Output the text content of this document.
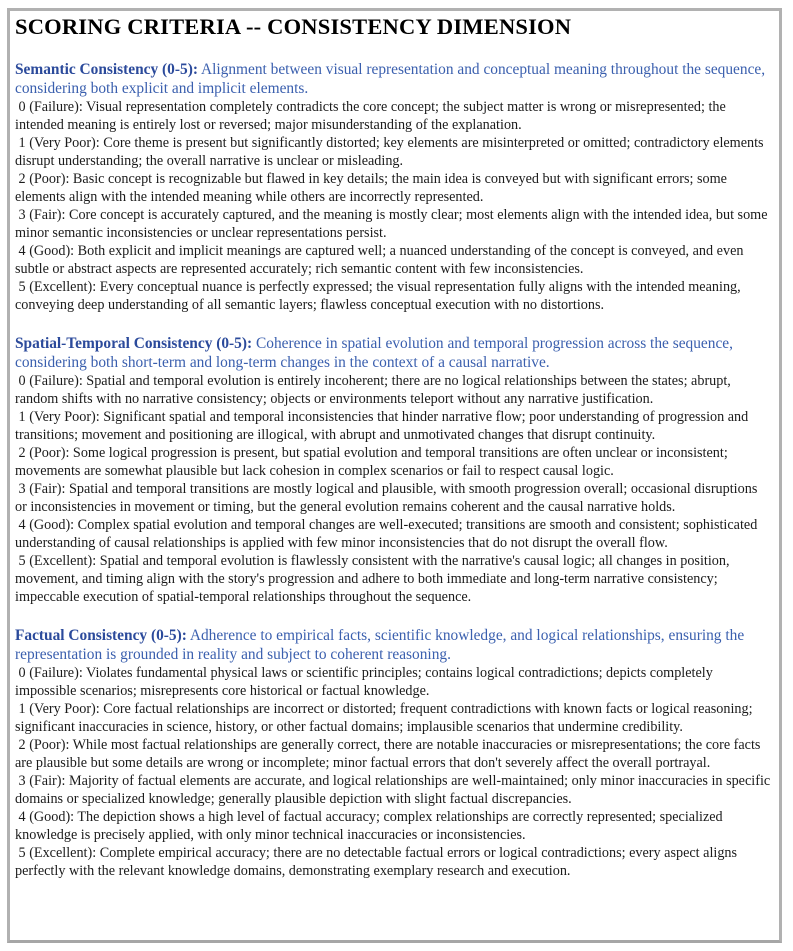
SCORING CRITERIA -- CONSISTENCY DIMENSION

Semantic Consistency (0-5): Alignment between visual representation and conceptual meaning throughout the sequence, considering both explicit and implicit elements.

0 (Failure): Visual representation completely contradicts the core concept; the subject matter is wrong or misrepresented; the intended meaning is entirely lost or reversed; major misunderstanding of the explanation.

1 (Very Poor): Core theme is present but significantly distorted; key elements are misinterpreted or omitted; contradictory elements disrupt understanding; the overall narrative is unclear or misleading.

2 (Poor): Basic concept is recognizable but flawed in key details; the main idea is conveyed but with significant errors; some elements align with the intended meaning while others are incorrectly represented.

3 (Fair): Core concept is accurately captured, and the meaning is mostly clear; most elements align with the intended idea, but some minor semantic inconsistencies or unclear representations persist.

4 (Good): Both explicit and implicit meanings are captured well; a nuanced understanding of the concept is conveyed, and even subtle or abstract aspects are represented accurately; rich semantic content with few inconsistencies.

5 (Excellent): Every conceptual nuance is perfectly expressed; the visual representation fully aligns with the intended meaning, conveying deep understanding of all semantic layers; flawless conceptual execution with no distortions.

Spatial-Temporal Consistency (0-5): Coherence in spatial evolution and temporal progression across the sequence, considering both short-term and long-term changes in the context of a causal narrative.

0 (Failure): Spatial and temporal evolution is entirely incoherent; there are no logical relationships between the states; abrupt, random shifts with no narrative consistency; objects or environments teleport without any narrative justification.

1 (Very Poor): Significant spatial and temporal inconsistencies that hinder narrative flow; poor understanding of progression and transitions; movement and positioning are illogical, with abrupt and unmotivated changes that disrupt continuity.

2 (Poor): Some logical progression is present, but spatial evolution and temporal transitions are often unclear or inconsistent; movements are somewhat plausible but lack cohesion in complex scenarios or fail to respect causal logic.

3 (Fair): Spatial and temporal transitions are mostly logical and plausible, with smooth progression overall; occasional disruptions or inconsistencies in movement or timing, but the general evolution remains coherent and the causal narrative holds.

4 (Good): Complex spatial evolution and temporal changes are well-executed; transitions are smooth and consistent; sophisticated understanding of causal relationships is applied with few minor inconsistencies that do not disrupt the overall flow.

5 (Excellent): Spatial and temporal evolution is flawlessly consistent with the narrative's causal logic; all changes in position, movement, and timing align with the story's progression and adhere to both immediate and long-term narrative consistency; impeccable execution of spatial-temporal relationships throughout the sequence.

Factual Consistency (0-5): Adherence to empirical facts, scientific knowledge, and logical relationships, ensuring the representation is grounded in reality and subject to coherent reasoning.

0 (Failure): Violates fundamental physical laws or scientific principles; contains logical contradictions; depicts completely impossible scenarios; misrepresents core historical or factual knowledge.

1 (Very Poor): Core factual relationships are incorrect or distorted; frequent contradictions with known facts or logical reasoning; significant inaccuracies in science, history, or other factual domains; implausible scenarios that undermine credibility.

2 (Poor): While most factual relationships are generally correct, there are notable inaccuracies or misrepresentations; the core facts are plausible but some details are wrong or incomplete; minor factual errors that don't severely affect the overall portrayal.

3 (Fair): Majority of factual elements are accurate, and logical relationships are well-maintained; only minor inaccuracies in specific domains or specialized knowledge; generally plausible depiction with slight factual discrepancies.

4 (Good): The depiction shows a high level of factual accuracy; complex relationships are correctly represented; specialized knowledge is precisely applied, with only minor technical inaccuracies or inconsistencies.

5 (Excellent): Complete empirical accuracy; there are no detectable factual errors or logical contradictions; every aspect aligns perfectly with the relevant knowledge domains, demonstrating exemplary research and execution.
